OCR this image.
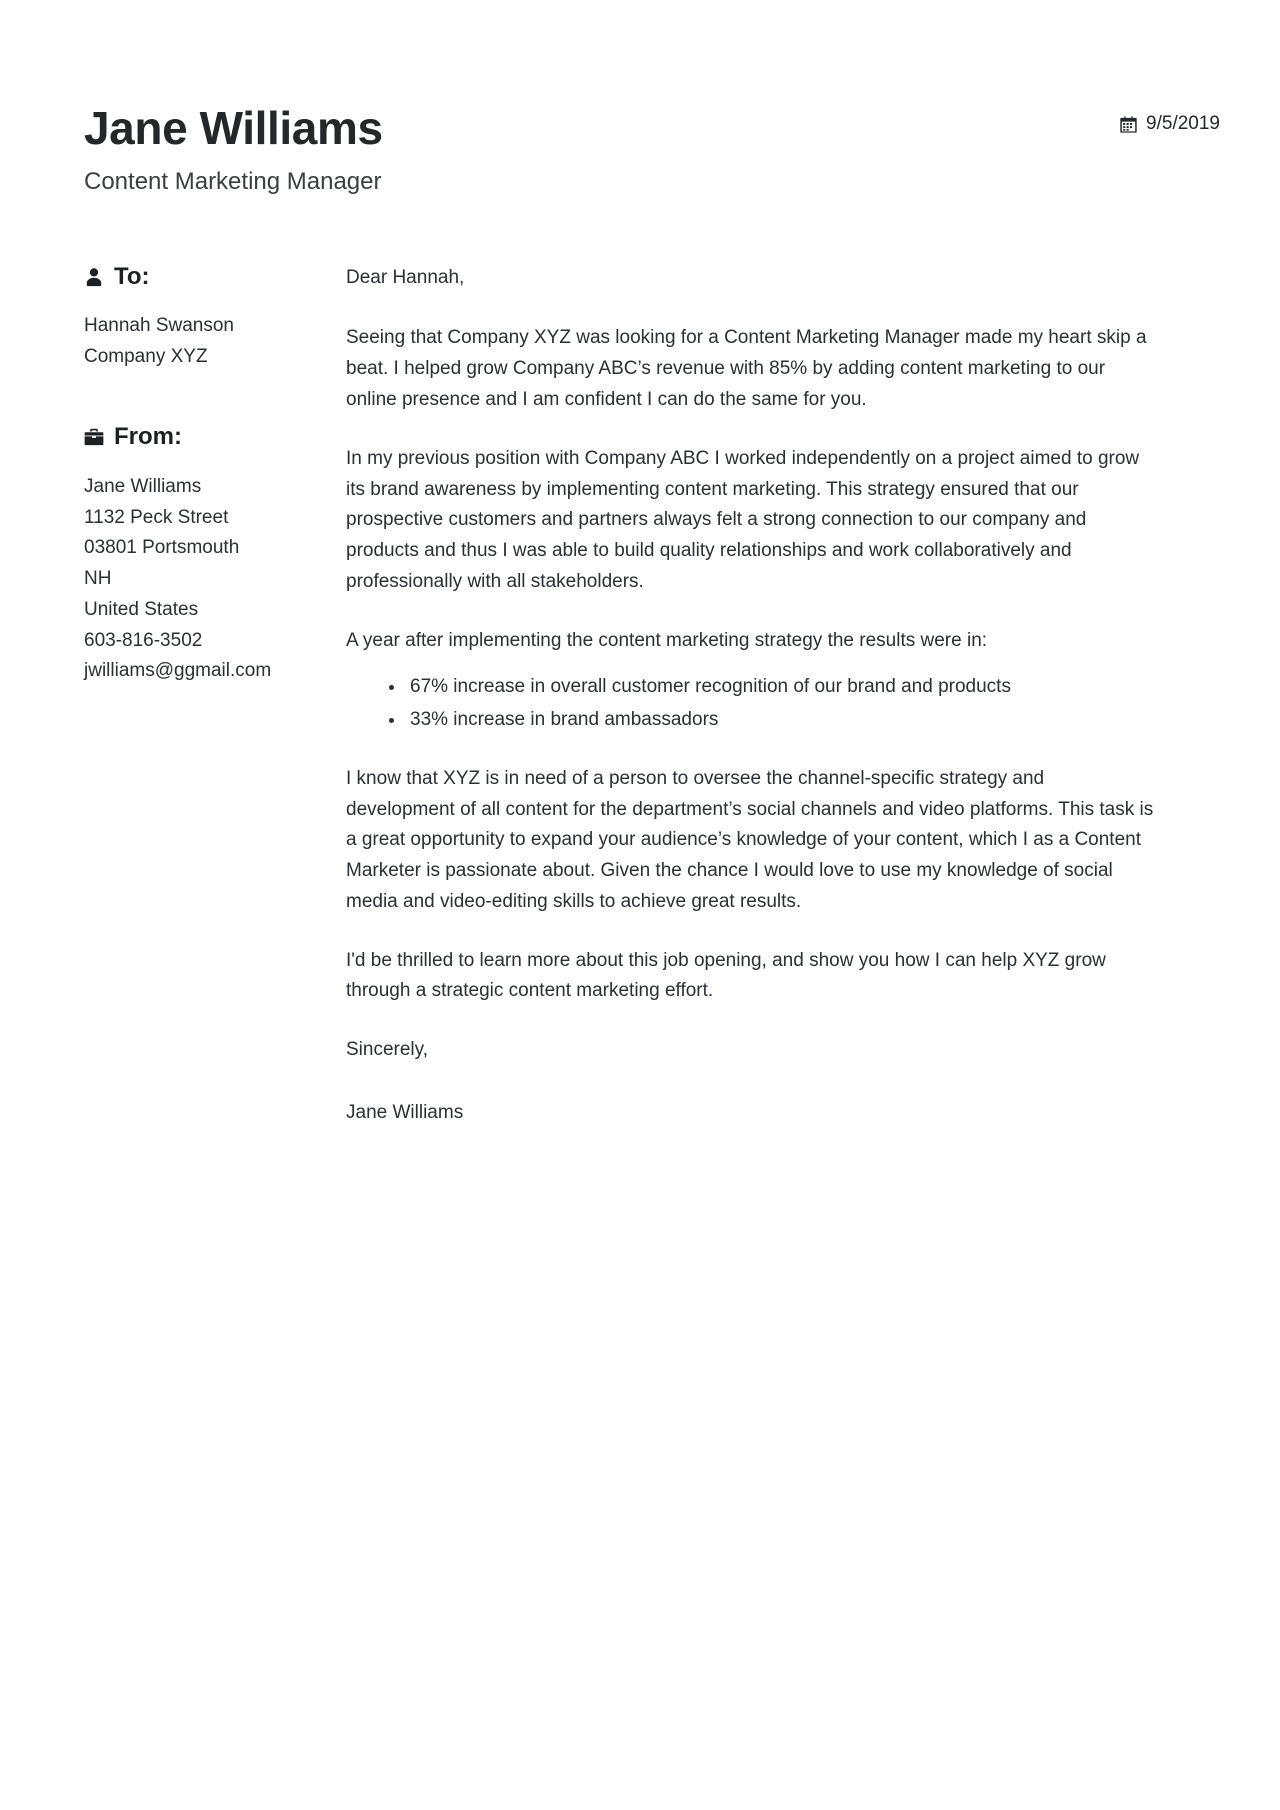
Jane Williams
Content Marketing Manager
9/5/2019
To:
Hannah Swanson
Company XYZ
From:
Jane Williams
1132 Peck Street
03801 Portsmouth
NH
United States
603-816-3502
jwilliams@ggmail.com

Dear Hannah,

Seeing that Company XYZ was looking for a Content Marketing Manager made my heart skip a beat. I helped grow Company ABC’s revenue with 85% by adding content marketing to our online presence and I am confident I can do the same for you.

In my previous position with Company ABC I worked independently on a project aimed to grow its brand awareness by implementing content marketing. This strategy ensured that our prospective customers and partners always felt a strong connection to our company and products and thus I was able to build quality relationships and work collaboratively and professionally with all stakeholders.

A year after implementing the content marketing strategy the results were in:

• 67% increase in overall customer recognition of our brand and products
• 33% increase in brand ambassadors

I know that XYZ is in need of a person to oversee the channel-specific strategy and development of all content for the department’s social channels and video platforms. This task is a great opportunity to expand your audience’s knowledge of your content, which I as a Content Marketer is passionate about. Given the chance I would love to use my knowledge of social media and video-editing skills to achieve great results.

I'd be thrilled to learn more about this job opening, and show you how I can help XYZ grow through a strategic content marketing effort.

Sincerely,

Jane Williams
